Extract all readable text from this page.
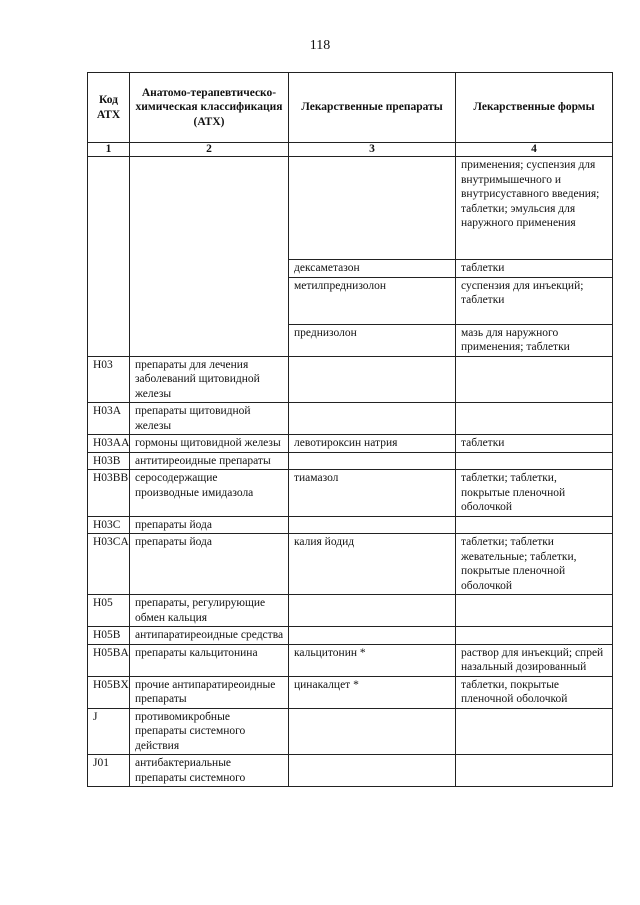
118
Код АТХ	Анатомо-терапевтическо-химическая классификация (АТХ)	Лекарственные препараты	Лекарственные формы
1	2	3	4
			применения; суспензия для внутримышечного и внутрисуставного введения; таблетки; эмульсия для наружного применения
		дексаметазон	таблетки
		метилпреднизолон	суспензия для инъекций; таблетки
		преднизолон	мазь для наружного применения; таблетки
H03	препараты для лечения заболеваний щитовидной железы		
H03A	препараты щитовидной железы		
H03AA	гормоны щитовидной железы	левотироксин натрия	таблетки
H03B	антитиреоидные препараты		
H03BB	серосодержащие производные имидазола	тиамазол	таблетки; таблетки, покрытые пленочной оболочкой
H03C	препараты йода		
H03CA	препараты йода	калия йодид	таблетки; таблетки жевательные; таблетки, покрытые пленочной оболочкой
H05	препараты, регулирующие обмен кальция		
H05B	антипаратиреоидные средства		
H05BA	препараты кальцитонина	кальцитонин *	раствор для инъекций; спрей назальный дозированный
H05BX	прочие антипаратиреоидные препараты	цинакалцет *	таблетки, покрытые пленочной оболочкой
J	противомикробные препараты системного действия		
J01	антибактериальные препараты системного		
